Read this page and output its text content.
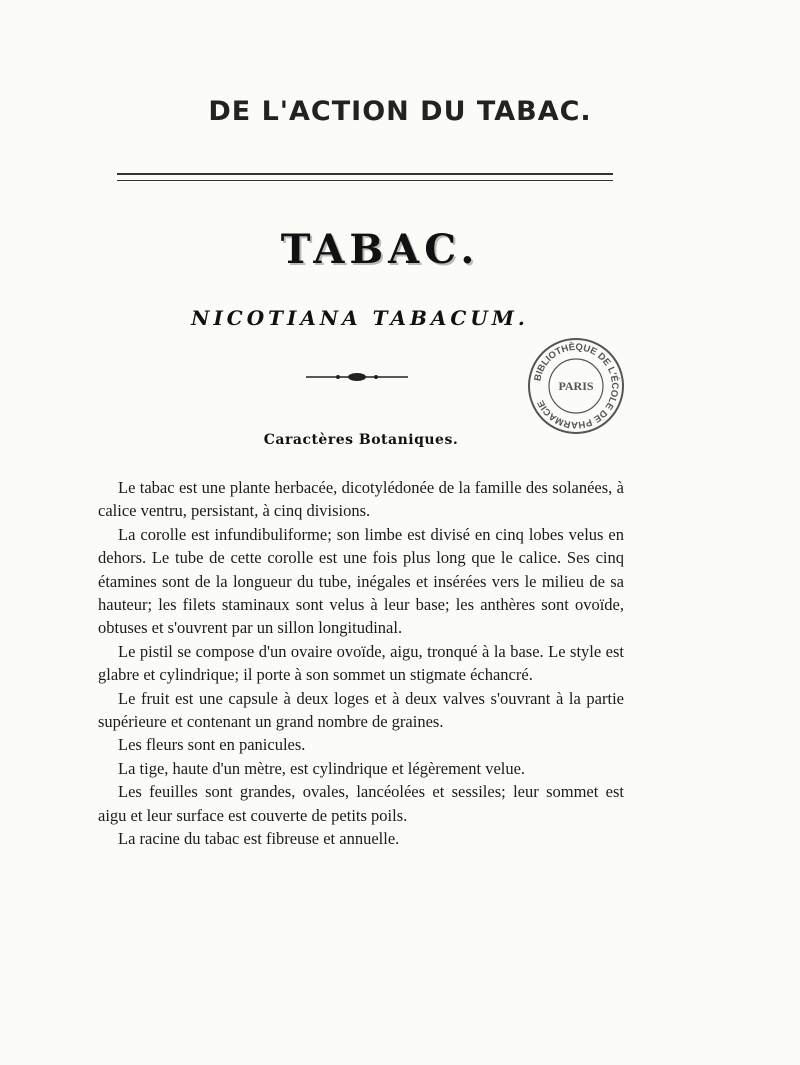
DE L'ACTION DU TABAC.
TABAC.
NICOTIANA TABACUM.
BIBLIOTHÈQUE DE L'ÉCOLE DE PHARMACIE
PARIS
Caractères Botaniques.

Le tabac est une plante herbacée, dicotylédonée de la famille des solanées, à calice ventru, persistant, à cinq divisions.

La corolle est infundibuliforme; son limbe est divisé en cinq lobes velus en dehors. Le tube de cette corolle est une fois plus long que le calice. Ses cinq étamines sont de la longueur du tube, inégales et insérées vers le milieu de sa hauteur; les filets staminaux sont velus à leur base; les anthères sont ovoïde, obtuses et s'ouvrent par un sillon longitudinal.

Le pistil se compose d'un ovaire ovoïde, aigu, tronqué à la base. Le style est glabre et cylindrique; il porte à son sommet un stigmate échancré.

Le fruit est une capsule à deux loges et à deux valves s'ouvrant à la partie supérieure et contenant un grand nombre de graines.

Les fleurs sont en panicules.

La tige, haute d'un mètre, est cylindrique et légèrement velue.

Les feuilles sont grandes, ovales, lancéolées et sessiles; leur sommet est aigu et leur surface est couverte de petits poils.

La racine du tabac est fibreuse et annuelle.
